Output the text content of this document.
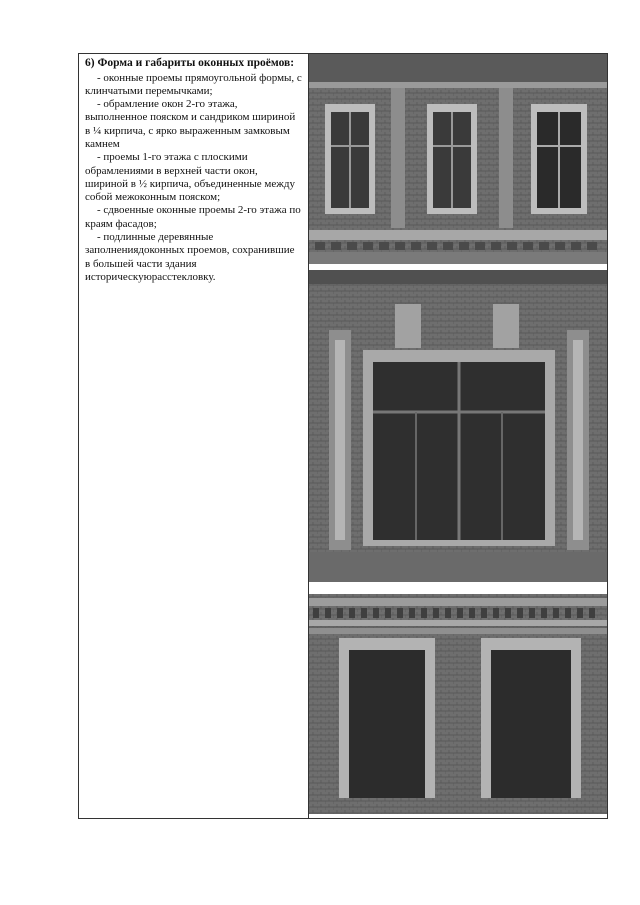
6) Форма и габариты оконных проёмов:

- оконные проемы прямоугольной формы, с клинчатыми перемычками;

- обрамление окон 2-го этажа, выполненное пояском и сандриком шириной в ¼ кирпича, с ярко выраженным замковым камнем

- проемы 1-го этажа с плоскими обрамлениями в верхней части окон, шириной в ½ кирпича, объединенные между собой межоконным пояском;

- сдвоенные оконные проемы 2-го этажа по краям фасадов;

- подлинные деревянные заполнениядоконных проемов, сохранившие в большей части здания историческуюрасстекловку.
